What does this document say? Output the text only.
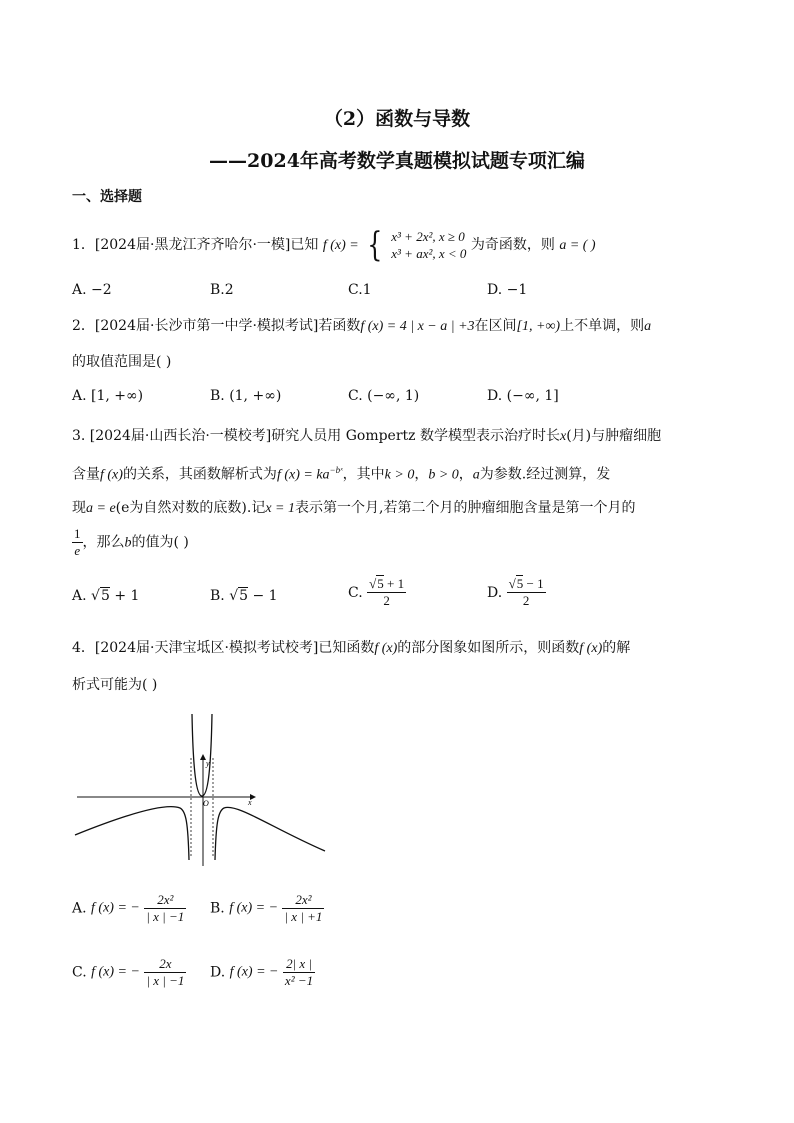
（2）函数与导数
——2024年高考数学真题模拟试题专项汇编
一、选择题
1．[2024届·黑龙江齐齐哈尔·一模]已知 f (x) = { x³ + 2x², x ≥ 0
x³ + ax², x < 0
为奇函数，则 a = ( )
A. −2	B.2	C.1	D. −1
2．[2024届·长沙市第一中学·模拟考试]若函数f (x) = 4 | x − a | +3在区间[1, +∞)上不单调，则a
的取值范围是( )
A. [1, +∞)	B. (1, +∞)	C. (−∞, 1)	D. (−∞, 1]
3. [2024届·山西长治·一模校考]研究人员用 Gompertz 数学模型表示治疗时长x(月)与肿瘤细胞
含量f (x)的关系，其函数解析式为f $(x) = ka^{-bˣ}$，其中k > 0，b > 0，a为参数.经过测算，发
现a = e(e为自然对数的底数).记x = 1表示第一个月,若第二个月的肿瘤细胞含量是第一个月的
$\frac{1}{e}$ ，那么b的值为( )
A. √5 + 1	B. √5 − 1	C. $\frac{√5 + 1}{2}$	D. $\frac{√5 - 1}{2}$
4．[2024届·天津宝坻区·模拟考试校考]已知函数f (x)的部分图象如图所示，则函数f (x)的解
析式可能为( )
x
y
O
A. f (x) = − $\frac{\text{2x²}}{| x | -1} B$. f (x) = − $\frac{\text{2x²}}{| x | +1}$
C. f (x) = − $\frac{2x}{| x | -1} D$. f (x) = − $\frac{2| x |}{\text{x² −1}}$
